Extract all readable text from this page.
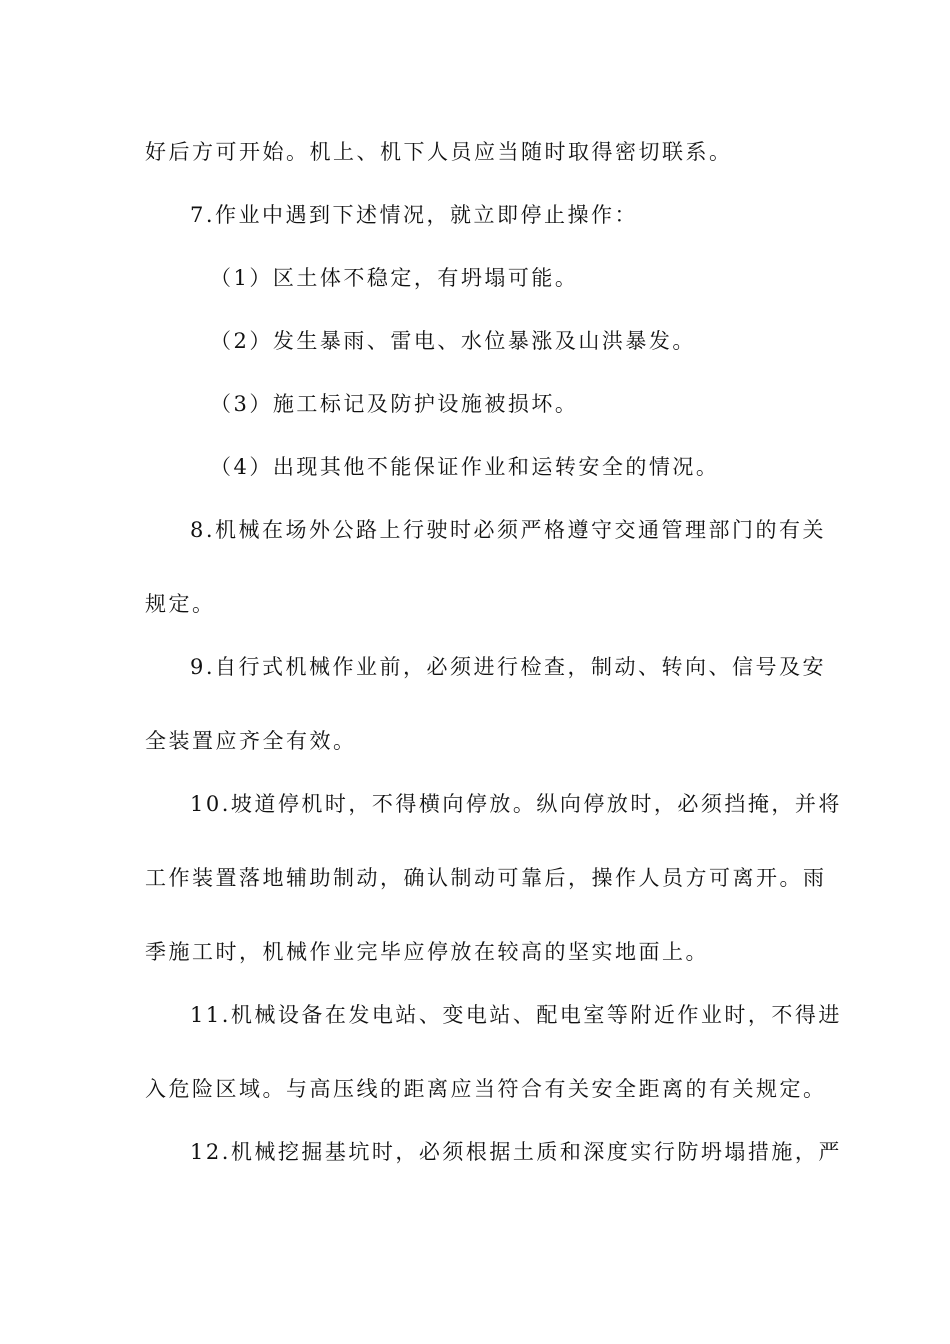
好后方可开始。机上、机下人员应当随时取得密切联系。
7.作业中遇到下述情况，就立即停止操作：
（1）区土体不稳定，有坍塌可能。
（2）发生暴雨、雷电、水位暴涨及山洪暴发。
（3）施工标记及防护设施被损坏。
（4）出现其他不能保证作业和运转安全的情况。
8.机械在场外公路上行驶时必须严格遵守交通管理部门的有关
规定。
9.自行式机械作业前，必须进行检查，制动、转向、信号及安
全装置应齐全有效。
10.坡道停机时，不得横向停放。纵向停放时，必须挡掩，并将
工作装置落地辅助制动，确认制动可靠后，操作人员方可离开。雨
季施工时，机械作业完毕应停放在较高的坚实地面上。
11.机械设备在发电站、变电站、配电室等附近作业时，不得进
入危险区域。与高压线的距离应当符合有关安全距离的有关规定。
12.机械挖掘基坑时，必须根据土质和深度实行防坍塌措施，严
